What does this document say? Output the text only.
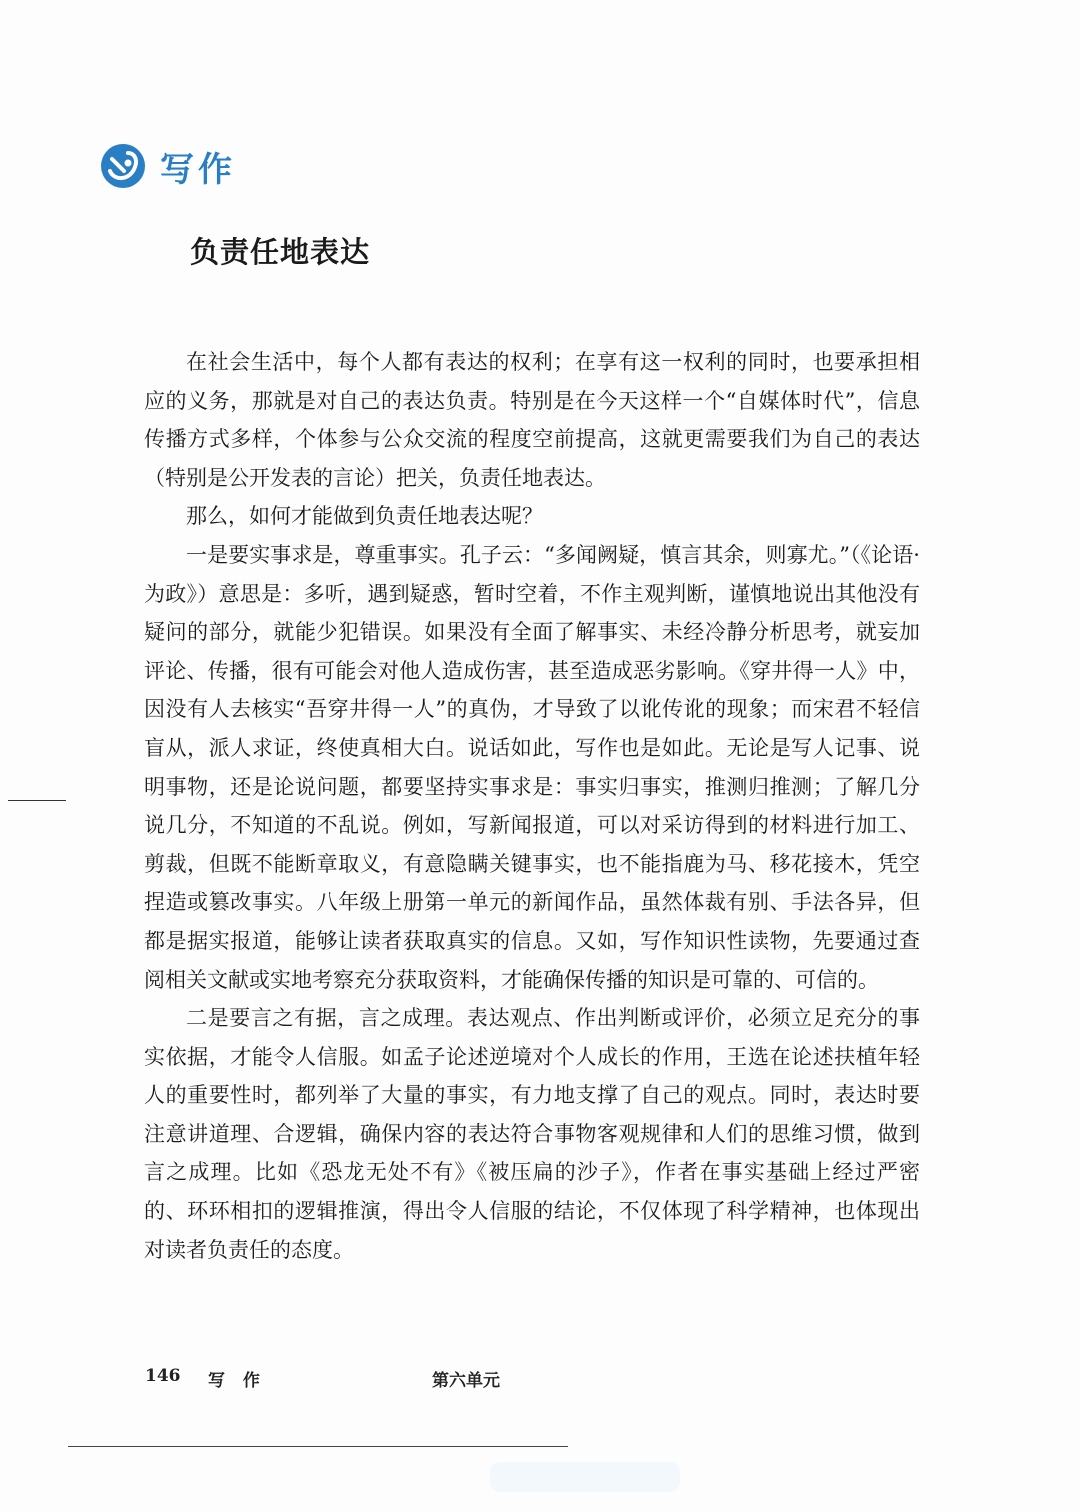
写作
负责任地表达

在社会生活中，每个人都有表达的权利；在享有这一权利的同时，也要承担相应的义务，那就是对自己的表达负责。特别是在今天这样一个“自媒体时代”，信息传播方式多样，个体参与公众交流的程度空前提高，这就更需要我们为自己的表达（特别是公开发表的言论）把关，负责任地表达。

那么，如何才能做到负责任地表达呢？

一是要实事求是，尊重事实。孔子云：“多闻阙疑，慎言其余，则寡尤。”（《论语·为政》）意思是：多听，遇到疑惑，暂时空着，不作主观判断，谨慎地说出其他没有疑问的部分，就能少犯错误。如果没有全面了解事实、未经冷静分析思考，就妄加评论、传播，很有可能会对他人造成伤害，甚至造成恶劣影响。《穿井得一人》中，因没有人去核实“吾穿井得一人”的真伪，才导致了以讹传讹的现象；而宋君不轻信盲从，派人求证，终使真相大白。说话如此，写作也是如此。无论是写人记事、说明事物，还是论说问题，都要坚持实事求是：事实归事实，推测归推测；了解几分说几分，不知道的不乱说。例如，写新闻报道，可以对采访得到的材料进行加工、剪裁，但既不能断章取义，有意隐瞒关键事实，也不能指鹿为马、移花接木，凭空捏造或篡改事实。八年级上册第一单元的新闻作品，虽然体裁有别、手法各异，但都是据实报道，能够让读者获取真实的信息。又如，写作知识性读物，先要通过查阅相关文献或实地考察充分获取资料，才能确保传播的知识是可靠的、可信的。

二是要言之有据，言之成理。表达观点、作出判断或评价，必须立足充分的事实依据，才能令人信服。如孟子论述逆境对个人成长的作用，王选在论述扶植年轻人的重要性时，都列举了大量的事实，有力地支撑了自己的观点。同时，表达时要注意讲道理、合逻辑，确保内容的表达符合事物客观规律和人们的思维习惯，做到言之成理。比如《恐龙无处不有》《被压扁的沙子》，作者在事实基础上经过严密的、环环相扣的逻辑推演，得出令人信服的结论，不仅体现了科学精神，也体现出对读者负责任的态度。

146 写 作	第六单元
